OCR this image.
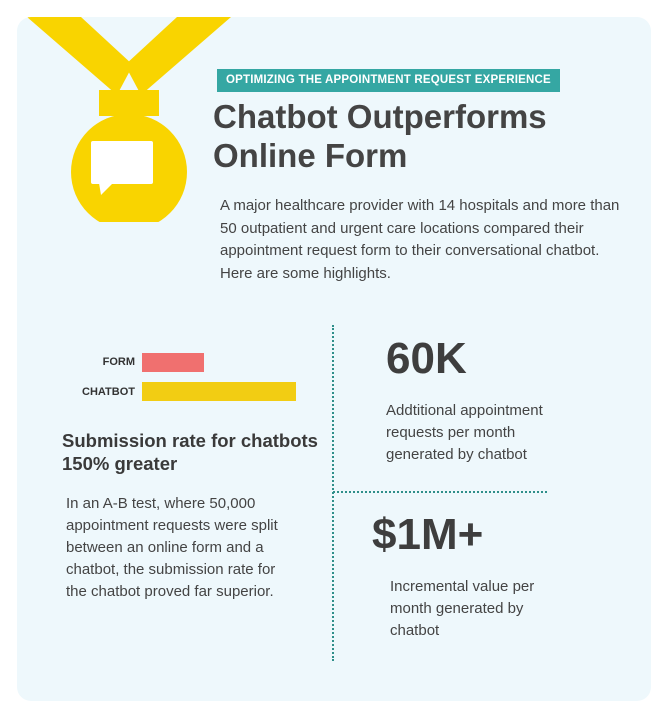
OPTIMIZING THE APPOINTMENT REQUEST EXPERIENCE
Chatbot Outperforms Online Form
A major healthcare provider with 14 hospitals and more than 50 outpatient and urgent care locations compared their appointment request form to their conversational chatbot. Here are some highlights.
FORM
CHATBOT
Submission rate for chatbots 150% greater
In an A-B test, where 50,000 appointment requests were split between an online form and a chatbot, the submission rate for the chatbot proved far superior.
60K
Addtitional appointment requests per month generated by chatbot
$1M+
Incremental value per month generated by chatbot
